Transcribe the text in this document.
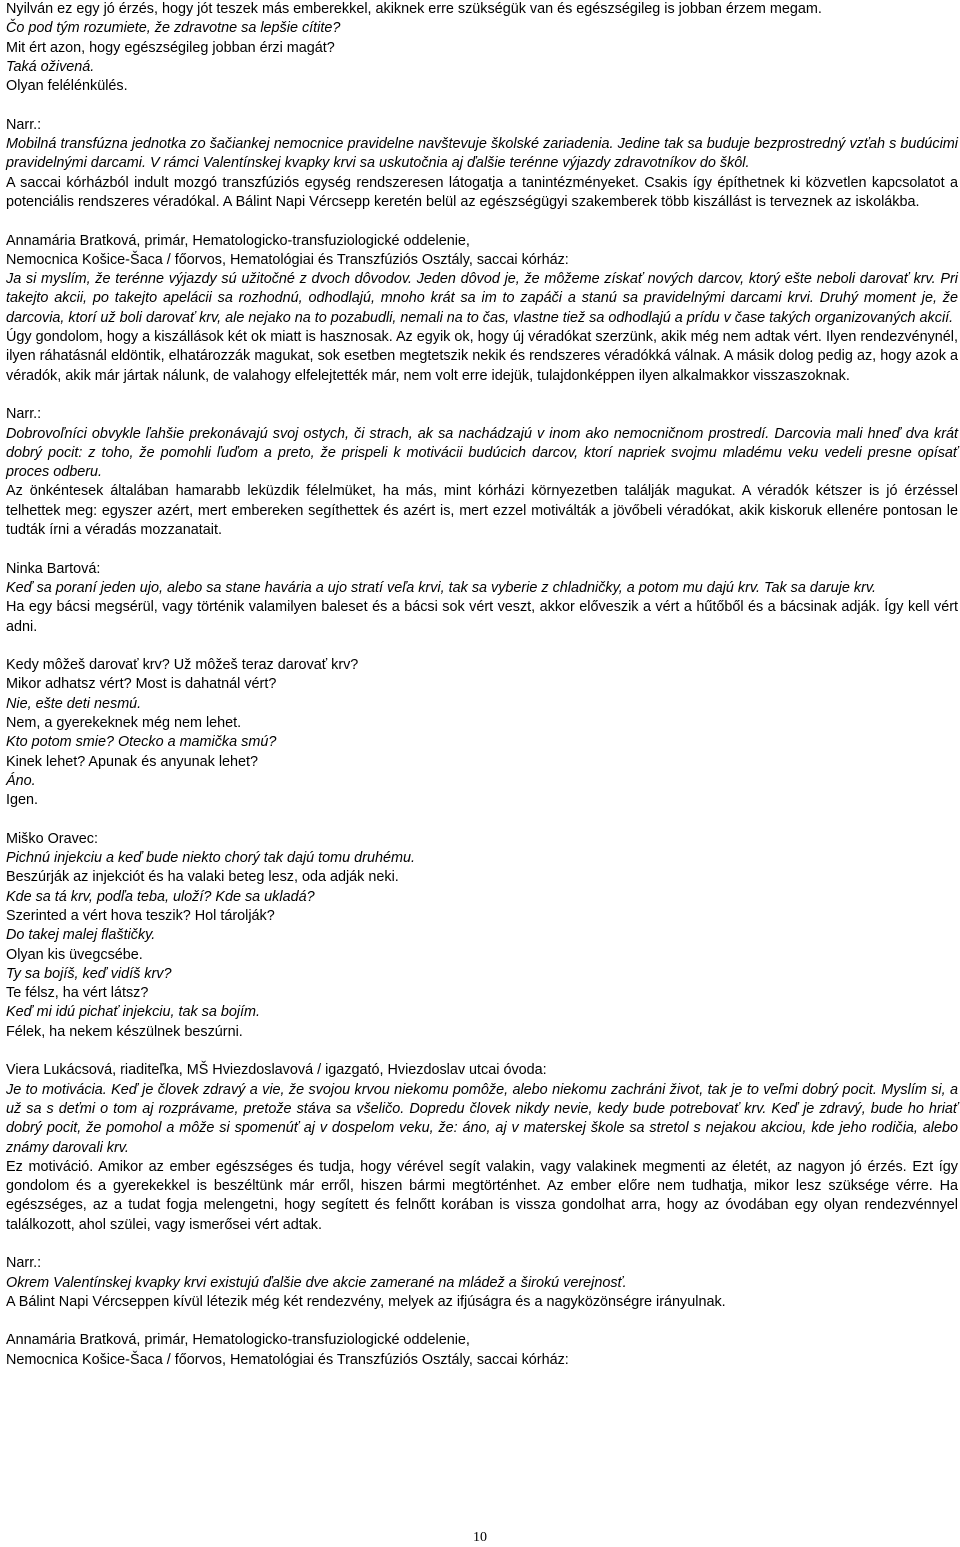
Nyilván ez egy jó érzés, hogy jót teszek más emberekkel, akiknek erre szükségük van és egészségileg is jobban érzem megam.

Čo pod tým rozumiete, že zdravotne sa lepšie cítite?

Mit ért azon, hogy egészségileg jobban érzi magát?

Taká oživená.

Olyan felélénkülés.

Narr.:

Mobilná transfúzna jednotka zo šačiankej nemocnice pravidelne navštevuje školské zariadenia. Jedine tak sa buduje bezprostredný vzťah s budúcimi pravidelnými darcami. V rámci Valentínskej kvapky krvi sa uskutočnia aj ďalšie terénne výjazdy zdravotníkov do škôl.

A saccai kórházból indult mozgó transzfúziós egység rendszeresen látogatja a tanintézményeket. Csakis így építhetnek ki közvetlen kapcsolatot a potenciális rendszeres véradókal. A Bálint Napi Vércsepp keretén belül az egészségügyi szakemberek több kiszállást is terveznek az iskolákba.

Annamária Bratková, primár, Hematologicko-transfuziologické oddelenie,

Nemocnica Košice-Šaca / főorvos, Hematológiai és Transzfúziós Osztály, saccai kórház:

Ja si myslím, že terénne výjazdy sú užitočné z dvoch dôvodov. Jeden dôvod je, že môžeme získať nových darcov, ktorý ešte neboli darovať krv. Pri takejto akcii, po takejto apelácii sa rozhodnú, odhodlajú, mnoho krát sa im to zapáči a stanú sa pravidelnými darcami krvi. Druhý moment je, že darcovia, ktorí už boli darovať krv, ale nejako na to pozabudli, nemali na to čas, vlastne tiež sa odhodlajú a prídu v čase takých organizovaných akcií.

Úgy gondolom, hogy a kiszállások két ok miatt is hasznosak. Az egyik ok, hogy új véradókat szerzünk, akik még nem adtak vért. Ilyen rendezvénynél, ilyen ráhatásnál eldöntik, elhatározzák magukat, sok esetben megtetszik nekik és rendszeres véradókká válnak. A másik dolog pedig az, hogy azok a véradók, akik már jártak nálunk, de valahogy elfelejtették már, nem volt erre idejük, tulajdonképpen ilyen alkalmakkor visszaszoknak.

Narr.:

Dobrovoľníci obvykle ľahšie prekonávajú svoj ostych, či strach, ak sa nachádzajú v inom ako nemocničnom prostredí. Darcovia mali hneď dva krát dobrý pocit: z toho, že pomohli ľuďom a preto, že prispeli k motivácii budúcich darcov, ktorí napriek svojmu mladému veku vedeli presne opísať proces odberu.

Az önkéntesek általában hamarabb leküzdik félelmüket, ha más, mint kórházi környezetben találják magukat. A véradók kétszer is jó érzéssel telhettek meg: egyszer azért, mert embereken segíthettek és azért is, mert ezzel motiválták a jövőbeli véradókat, akik kiskoruk ellenére pontosan le tudták írni a véradás mozzanatait.

Ninka Bartová:

Keď sa poraní jeden ujo, alebo sa stane havária a ujo stratí veľa krvi, tak sa vyberie z chladničky, a potom mu dajú krv. Tak sa daruje krv.

Ha egy bácsi megsérül, vagy történik valamilyen baleset és a bácsi sok vért veszt, akkor előveszik a vért a hűtőből és a bácsinak adják. Így kell vért adni.

Kedy môžeš darovať krv? Už môžeš teraz darovať krv?

Mikor adhatsz vért? Most is dahatnál vért?

Nie, ešte deti nesmú.

Nem, a gyerekeknek még nem lehet.

Kto potom smie? Otecko a mamička smú?

Kinek lehet? Apunak és anyunak lehet?

Áno.

Igen.

Miško Oravec:

Pichnú injekciu a keď bude niekto chorý tak dajú tomu druhému.

Beszúrják az injekciót és ha valaki beteg lesz, oda adják neki.

Kde sa tá krv, podľa teba, uloží? Kde sa ukladá?

Szerinted a vért hova teszik? Hol tárolják?

Do takej malej flaštičky.

Olyan kis üvegcsébe.

Ty sa bojíš, keď vidíš krv?

Te félsz, ha vért látsz?

Keď mi idú pichať injekciu, tak sa bojím.

Félek, ha nekem készülnek beszúrni.

Viera Lukácsová, riaditeľka, MŠ Hviezdoslavová / igazgató, Hviezdoslav utcai óvoda:

Je to motivácia. Keď je človek zdravý a vie, že svojou krvou niekomu pomôže, alebo niekomu zachráni život, tak je to veľmi dobrý pocit. Myslím si, a už sa s deťmi o tom aj rozprávame, pretože stáva sa všeličo. Dopredu človek nikdy nevie, kedy bude potrebovať krv. Keď je zdravý, bude ho hriať dobrý pocit, že pomohol a môže si spomenúť aj v dospelom veku, že: áno, aj v materskej škole sa stretol s nejakou akciou, kde jeho rodičia, alebo známy darovali krv.

Ez motiváció. Amikor az ember egészséges és tudja, hogy vérével segít valakin, vagy valakinek megmenti az életét, az nagyon jó érzés. Ezt így gondolom és a gyerekekkel is beszéltünk már erről, hiszen bármi megtörténhet. Az ember előre nem tudhatja, mikor lesz szüksége vérre. Ha egészséges, az a tudat fogja melengetni, hogy segített és felnőtt korában is vissza gondolhat arra, hogy az óvodában egy olyan rendezvénnyel találkozott, ahol szülei, vagy ismerősei vért adtak.

Narr.:

Okrem Valentínskej kvapky krvi existujú ďalšie dve akcie zamerané na mládež a širokú verejnosť.

A Bálint Napi Vércseppen kívül létezik még két rendezvény, melyek az ifjúságra és a nagyközönségre irányulnak.

Annamária Bratková, primár, Hematologicko-transfuziologické oddelenie,

Nemocnica Košice-Šaca / főorvos, Hematológiai és Transzfúziós Osztály, saccai kórház:

10
